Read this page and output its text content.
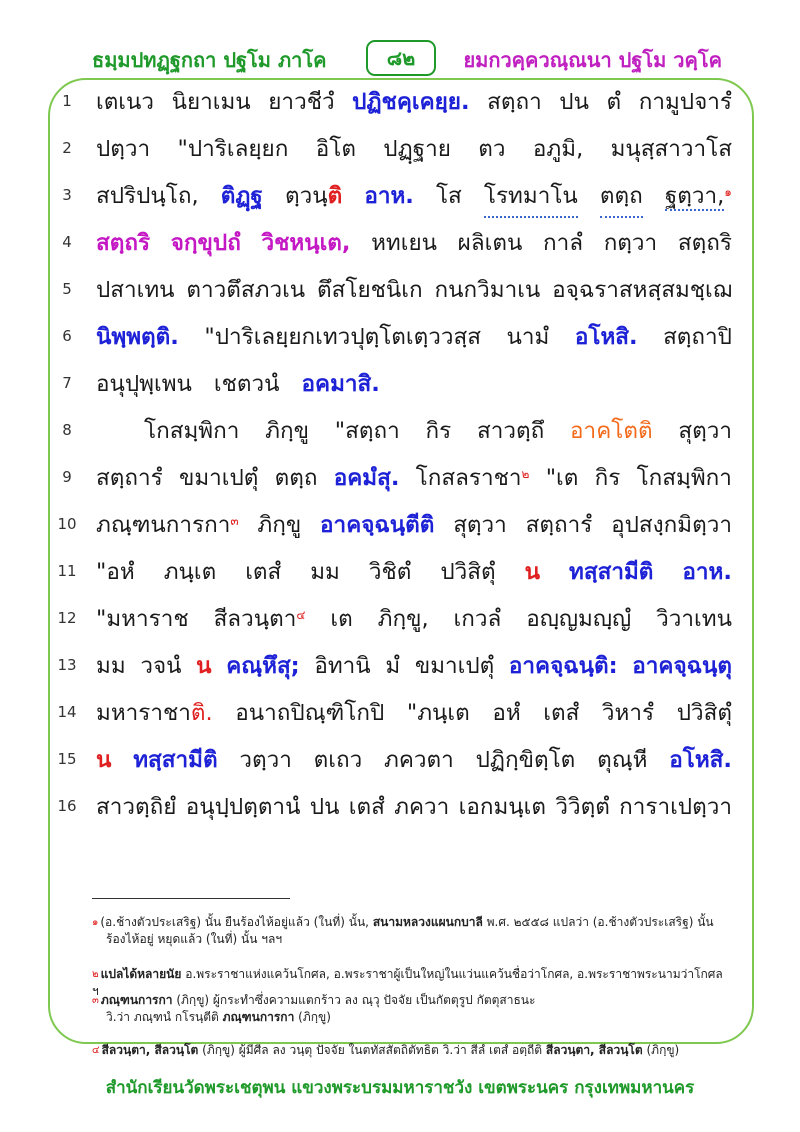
ธมฺมปทฏฺฐกถา ปฐโม ภาโค	๘๒	ยมกวคฺควณฺณนา ปฐโม วคฺโค
1	เตเนว นิยาเมน ยาวชีวํ ปฏิชคฺเคยฺย. สตฺถา ปน ตํ กามูปจารํ
2	ปตฺวา "ปาริเลยฺยก อิโต ปฏฺฐาย ตว อภูมิ, มนุสฺสาวาโส
3	สปริปนฺโถ, ติฏฺฐ ตฺวนฺติ อาห. โส โรทมาโน ตตฺถ ฐตฺวา,$^๑$
4	สตฺถริ จกฺขุปถํ วิชหนฺเต, หทเยน ผลิเตน กาลํ กตฺวา สตฺถริ
5	ปสาเทน ตาวตึสภวเน ตึสโยชนิเก กนกวิมาเน อจฺฉราสหสฺสมชฺเฌ
6	นิพฺพตฺติ. "ปาริเลยฺยกเทวปุตฺโตเตฺววสฺส นามํ อโหสิ. สตฺถาปิ
7	อนุปุพฺเพน เชตวนํ อคมาสิ.
8	โกสมฺพิกา ภิกฺขู "สตฺถา กิร สาวตฺถึ อาคโตติ สุตฺวา
9	สตฺถารํ ขมาเปตุํ ตตฺถ อคมํสุ. โกสลราชา$^๒$ "เต กิร โกสมฺพิกา
10 ภณฺฑนการกา$^๓$ ภิกฺขู อาคจฺฉนฺตีติ สุตฺวา สตฺถารํ อุปสงฺกมิตฺวา
11 "อหํ ภนฺเต เตสํ มม วิชิตํ ปวิสิตุํ น ทสฺสามีติ อาห.
12 "มหาราช สีลวนฺตา$^๔$ เต ภิกฺขู, เกวลํ อญฺญมญฺญํ วิวาเทน
13 มม วจนํ น คณฺหึสุ; อิทานิ มํ ขมาเปตุํ อาคจฺฉนฺติ: อาคจฺฉนฺตุ
14 มหาราชาติ. อนาถปิณฺฑิโกปิ "ภนฺเต อหํ เตสํ วิหารํ ปวิสิตุํ
15 น ทสฺสามีติ วตฺวา ตเถว ภควตา ปฏิกฺขิตฺโต ตุณฺหี อโหสิ.
16 สาวตฺถิยํ อนุปฺปตฺตานํ ปน เตสํ ภควา เอกมนฺเต วิวิตฺตํ การาเปตฺวา
$^๑$ (อ.ช้างตัวประเสริฐ) นั้น ยืนร้องไห้อยู่แล้ว (ในที่) นั้น, สนามหลวงแผนกบาลี พ.ศ. ๒๕๕๘ แปลว่า (อ.ช้างตัวประเสริฐ) นั้น
ร้องไห้อยู่ หยุดแล้ว (ในที่) นั้น ฯลฯ
$^๒$ แปลได้หลายนัย อ.พระราชาแห่งแคว้นโกศล, อ.พระราชาผู้เป็นใหญ่ในแว่นแคว้นชื่อว่าโกศล, อ.พระราชาพระนามว่าโกศล ฯ
$^๓$ ภณฺฑนการกา (ภิกฺขู) ผู้กระทำซึ่งความแตกร้าว ลง ณฺวุ ปัจจัย เป็นกัตตุรูป กัตตุสาธนะ
วิ.ว่า ภณฺฑนํ กโรนฺตีติ ภณฺฑนการกา (ภิกฺขู)
$^๔$ สีลวนฺตา, สีลวนฺโต (ภิกฺขู) ผู้มีศีล ลง วนฺตุ ปัจจัย ในตทัสสัตถิตัทธิต วิ.ว่า สีลํ เตสํ อตฺถีติ สีลวนฺตา, สีลวนฺโต (ภิกฺขู)
สำนักเรียนวัดพระเชตุพน แขวงพระบรมมหาราชวัง เขตพระนคร กรุงเทพมหานคร
